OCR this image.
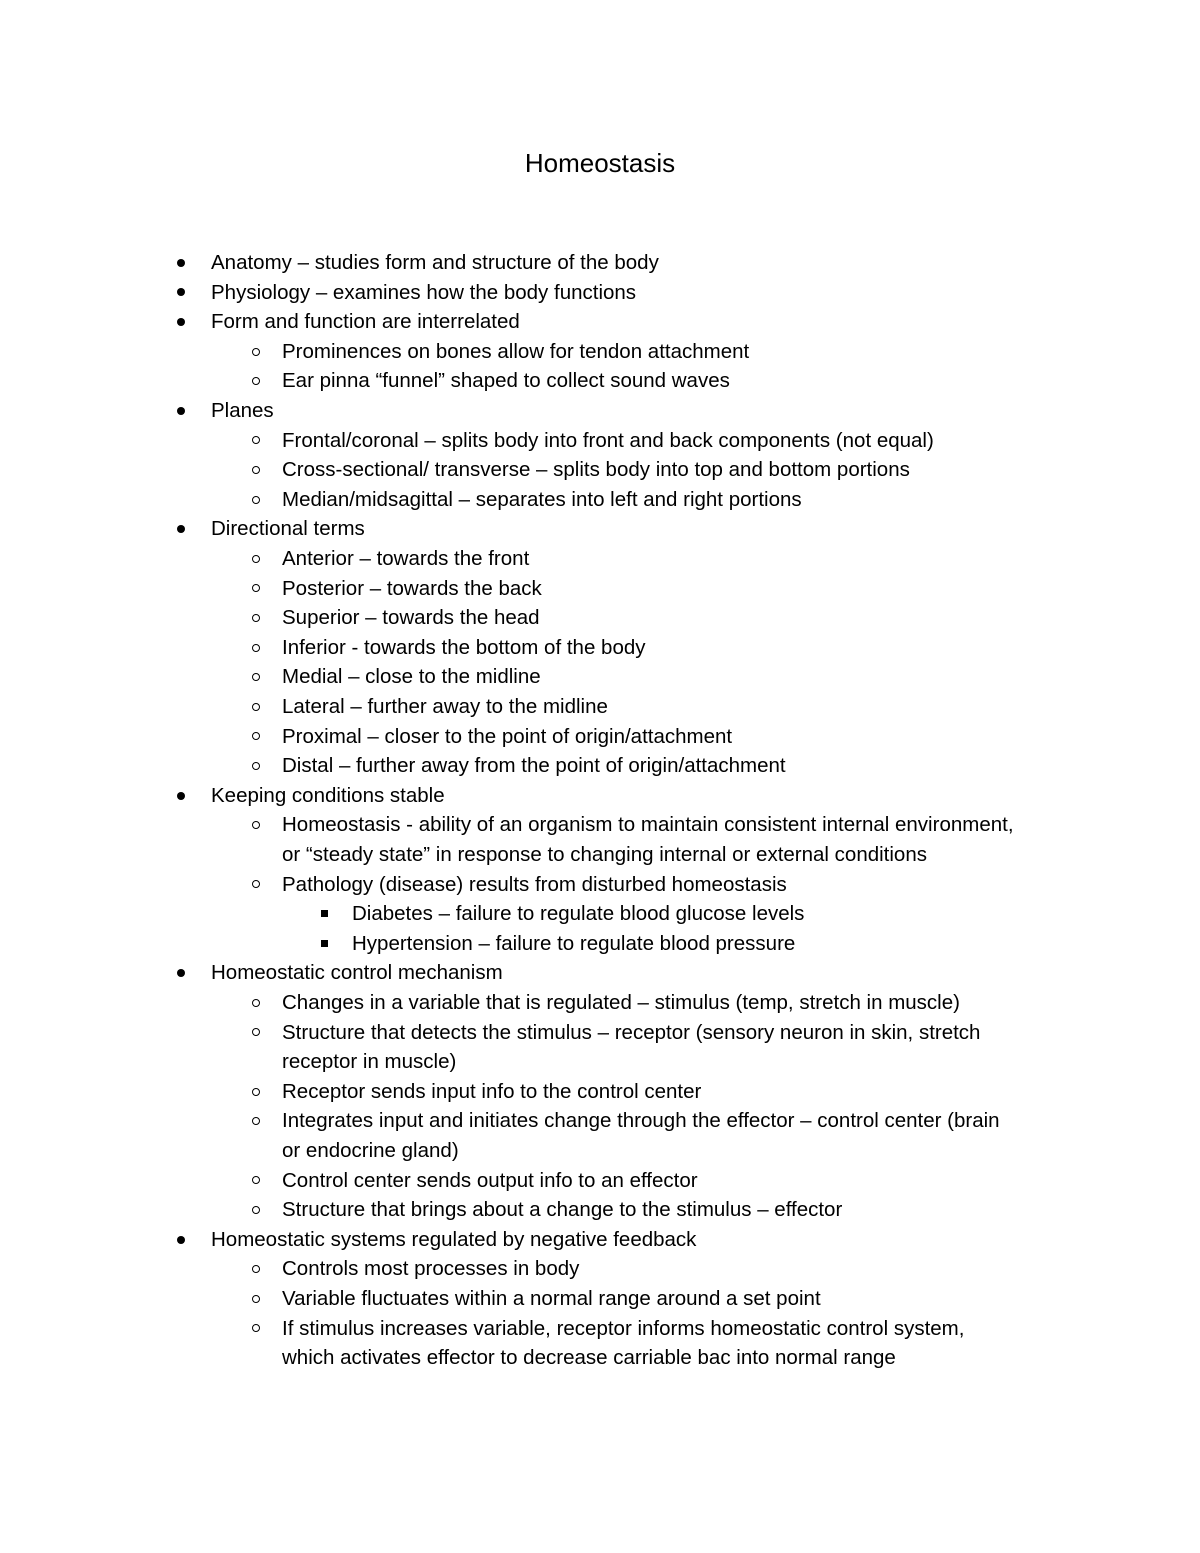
Homeostasis
Anatomy – studies form and structure of the body
Physiology – examines how the body functions
Form and function are interrelated
Prominences on bones allow for tendon attachment
Ear pinna “funnel” shaped to collect sound waves
Planes
Frontal/coronal – splits body into front and back components (not equal)
Cross-sectional/ transverse – splits body into top and bottom portions
Median/midsagittal – separates into left and right portions
Directional terms
Anterior – towards the front
Posterior – towards the back
Superior – towards the head
Inferior - towards the bottom of the body
Medial – close to the midline
Lateral – further away to the midline
Proximal – closer to the point of origin/attachment
Distal – further away from the point of origin/attachment
Keeping conditions stable
Homeostasis - ability of an organism to maintain consistent internal environment,
or “steady state” in response to changing internal or external conditions
Pathology (disease) results from disturbed homeostasis
Diabetes – failure to regulate blood glucose levels
Hypertension – failure to regulate blood pressure
Homeostatic control mechanism
Changes in a variable that is regulated – stimulus (temp, stretch in muscle)
Structure that detects the stimulus – receptor (sensory neuron in skin, stretch
receptor in muscle)
Receptor sends input info to the control center
Integrates input and initiates change through the effector – control center (brain
or endocrine gland)
Control center sends output info to an effector
Structure that brings about a change to the stimulus – effector
Homeostatic systems regulated by negative feedback
Controls most processes in body
Variable fluctuates within a normal range around a set point
If stimulus increases variable, receptor informs homeostatic control system,
which activates effector to decrease carriable bac into normal range
